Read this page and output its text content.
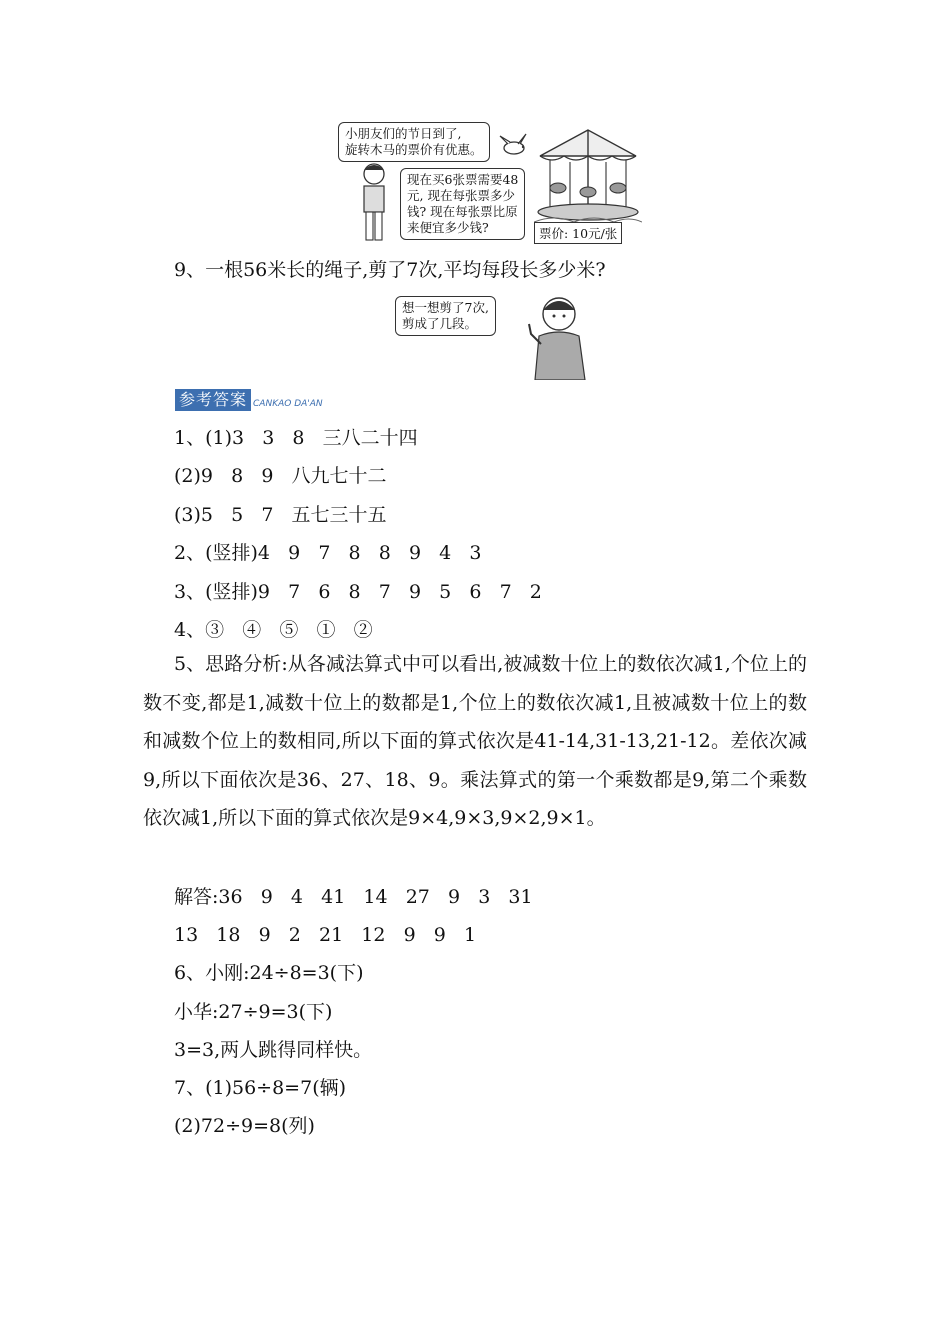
小朋友们的节日到了,
旋转木马的票价有优惠。
现在买6张票需要48
元, 现在每张票多少
钱? 现在每张票比原
来便宜多少钱?	票价: 10元/张
9、一根56米长的绳子,剪了7次,平均每段长多少米?
想一想剪了7次,
剪成了几段。
参考答案 CANKAO DA'AN
1、(1)3   3   8   三八二十四
(2)9   8   9   八九七十二
(3)5   5   7   五七三十五
2、(竖排)4   9   7   8   8   9   4   3
3、(竖排)9   7   6   8   7   9   5   6   7   2
4、③   ④   ⑤   ①   ②
5、思路分析:从各减法算式中可以看出,被减数十位上的数依次减1,个位上的数不变,都是1,减数十位上的数都是1,个位上的数依次减1,且被减数十位上的数和减数个位上的数相同,所以下面的算式依次是41-14,31-13,21-12。差依次减9,所以下面依次是36、27、18、9。乘法算式的第一个乘数都是9,第二个乘数依次减1,所以下面的算式依次是9×4,9×3,9×2,9×1。
解答:36   9   4   41   14   27   9   3   31
13   18   9   2   21   12   9   9   1
6、小刚:24÷8=3(下)
小华:27÷9=3(下)
3=3,两人跳得同样快。
7、(1)56÷8=7(辆)
(2)72÷9=8(列)
